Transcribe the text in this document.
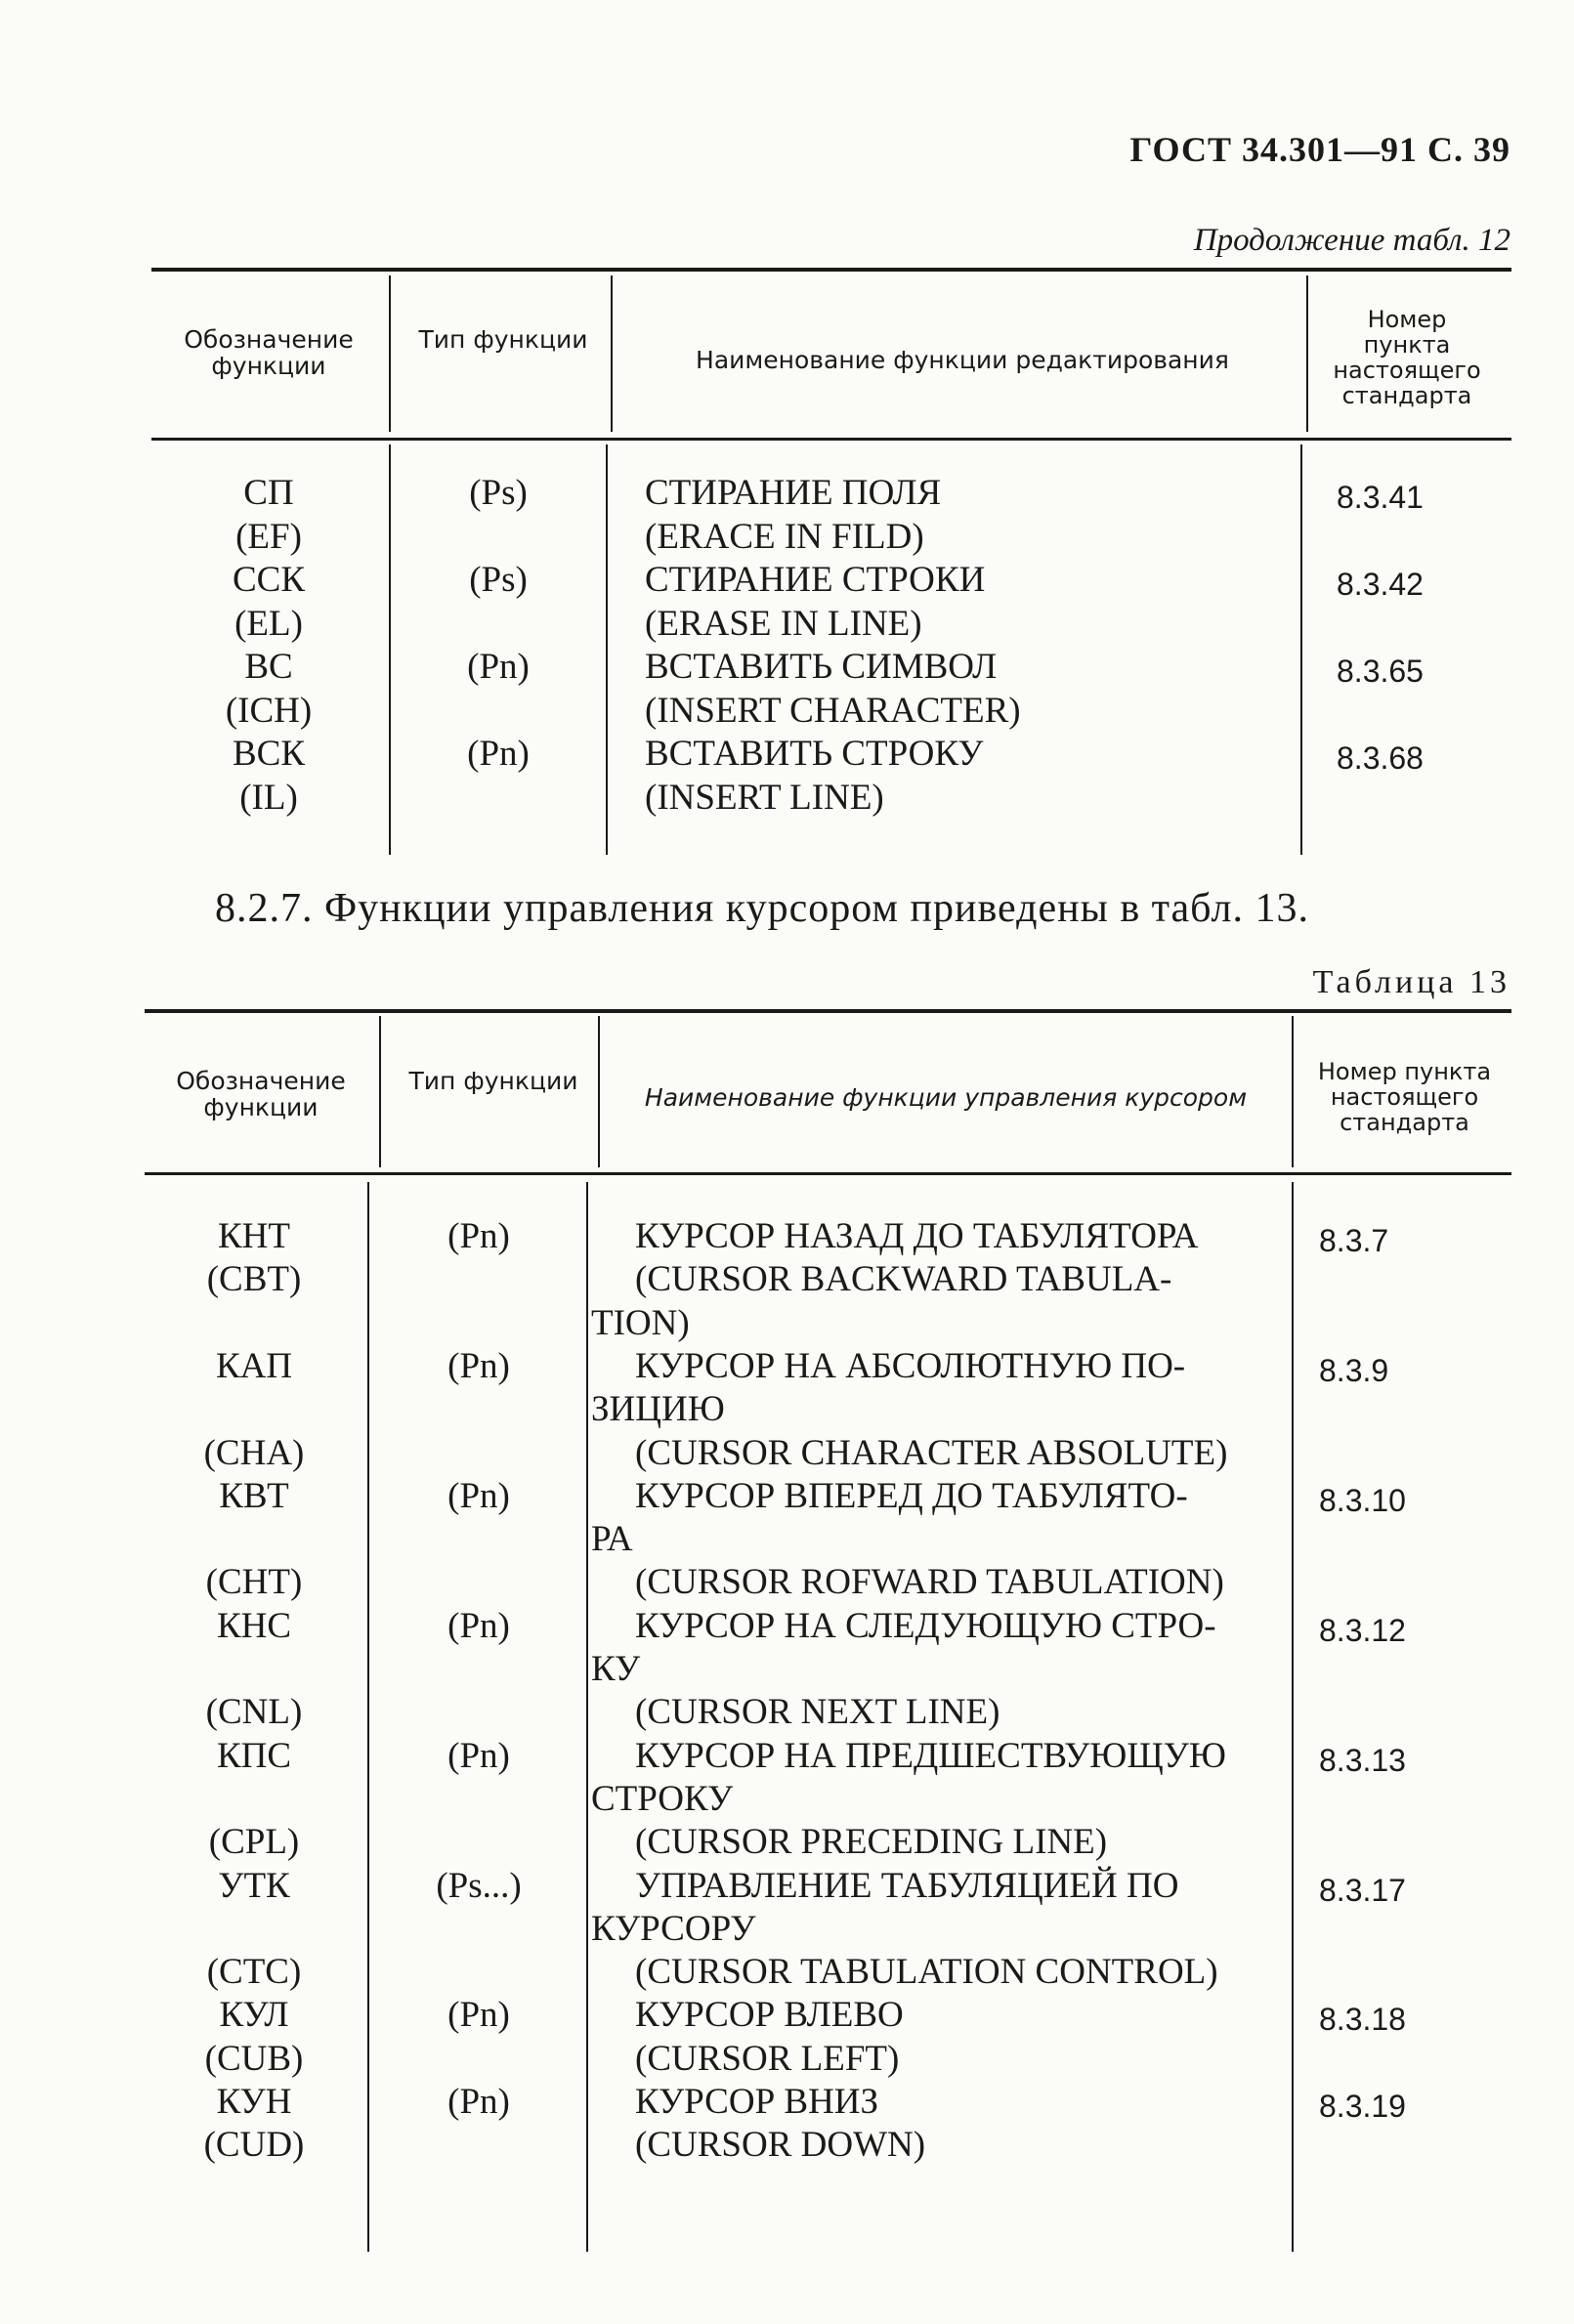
ГОСТ 34.301—91 С. 39
Продолжение табл. 12
Обозначение функции
Тип функции
Наименование функции редактирования
Номер пункта настоящего стандарта
СП	(Ps)	СТИРАНИЕ ПОЛЯ	8.3.41
(EF)	(ERACE IN FILD)
ССК	(Ps)	СТИРАНИЕ СТРОКИ	8.3.42
(EL)	(ERASE IN LINE)
ВС	(Pn)	ВСТАВИТЬ СИМВОЛ	8.3.65
(ICH)	(INSERT CHARACTER)
ВСК	(Pn)	ВСТАВИТЬ СТРОКУ	8.3.68
(IL)	(INSERT LINE)
8.2.7. Функции управления курсором приведены в табл. 13.
Таблица 13
Обозначение функции
Тип функции
Наименование функции управления курсором
Номер пункта настоящего стандарта
КНТ	(Pn)	КУРСОР НАЗАД ДО ТАБУЛЯТОРА	8.3.7
(CBT)	(CURSOR BACKWARD TABULA-
TION)
КАП	(Pn)	КУРСОР НА АБСОЛЮТНУЮ ПО-	8.3.9
ЗИЦИЮ
(CHA)	(CURSOR CHARACTER ABSOLUTE)
КВТ	(Pn)	КУРСОР ВПЕРЕД ДО ТАБУЛЯТО-	8.3.10
РА
(CHT)	(CURSOR ROFWARD TABULATION)
КНС	(Pn)	КУРСОР НА СЛЕДУЮЩУЮ СТРО-	8.3.12
КУ
(CNL)	(CURSOR NEXT LINE)
КПС	(Pn)	КУРСОР НА ПРЕДШЕСТВУЮЩУЮ	8.3.13
СТРОКУ
(CPL)	(CURSOR PRECEDING LINE)
УТК	(Ps...)	УПРАВЛЕНИЕ ТАБУЛЯЦИЕЙ ПО	8.3.17
КУРСОРУ
(CTC)	(CURSOR TABULATION CONTROL)
КУЛ	(Pn)	КУРСОР ВЛЕВО	8.3.18
(CUB)	(CURSOR LEFT)
КУН	(Pn)	КУРСОР ВНИЗ	8.3.19
(CUD)	(CURSOR DOWN)
